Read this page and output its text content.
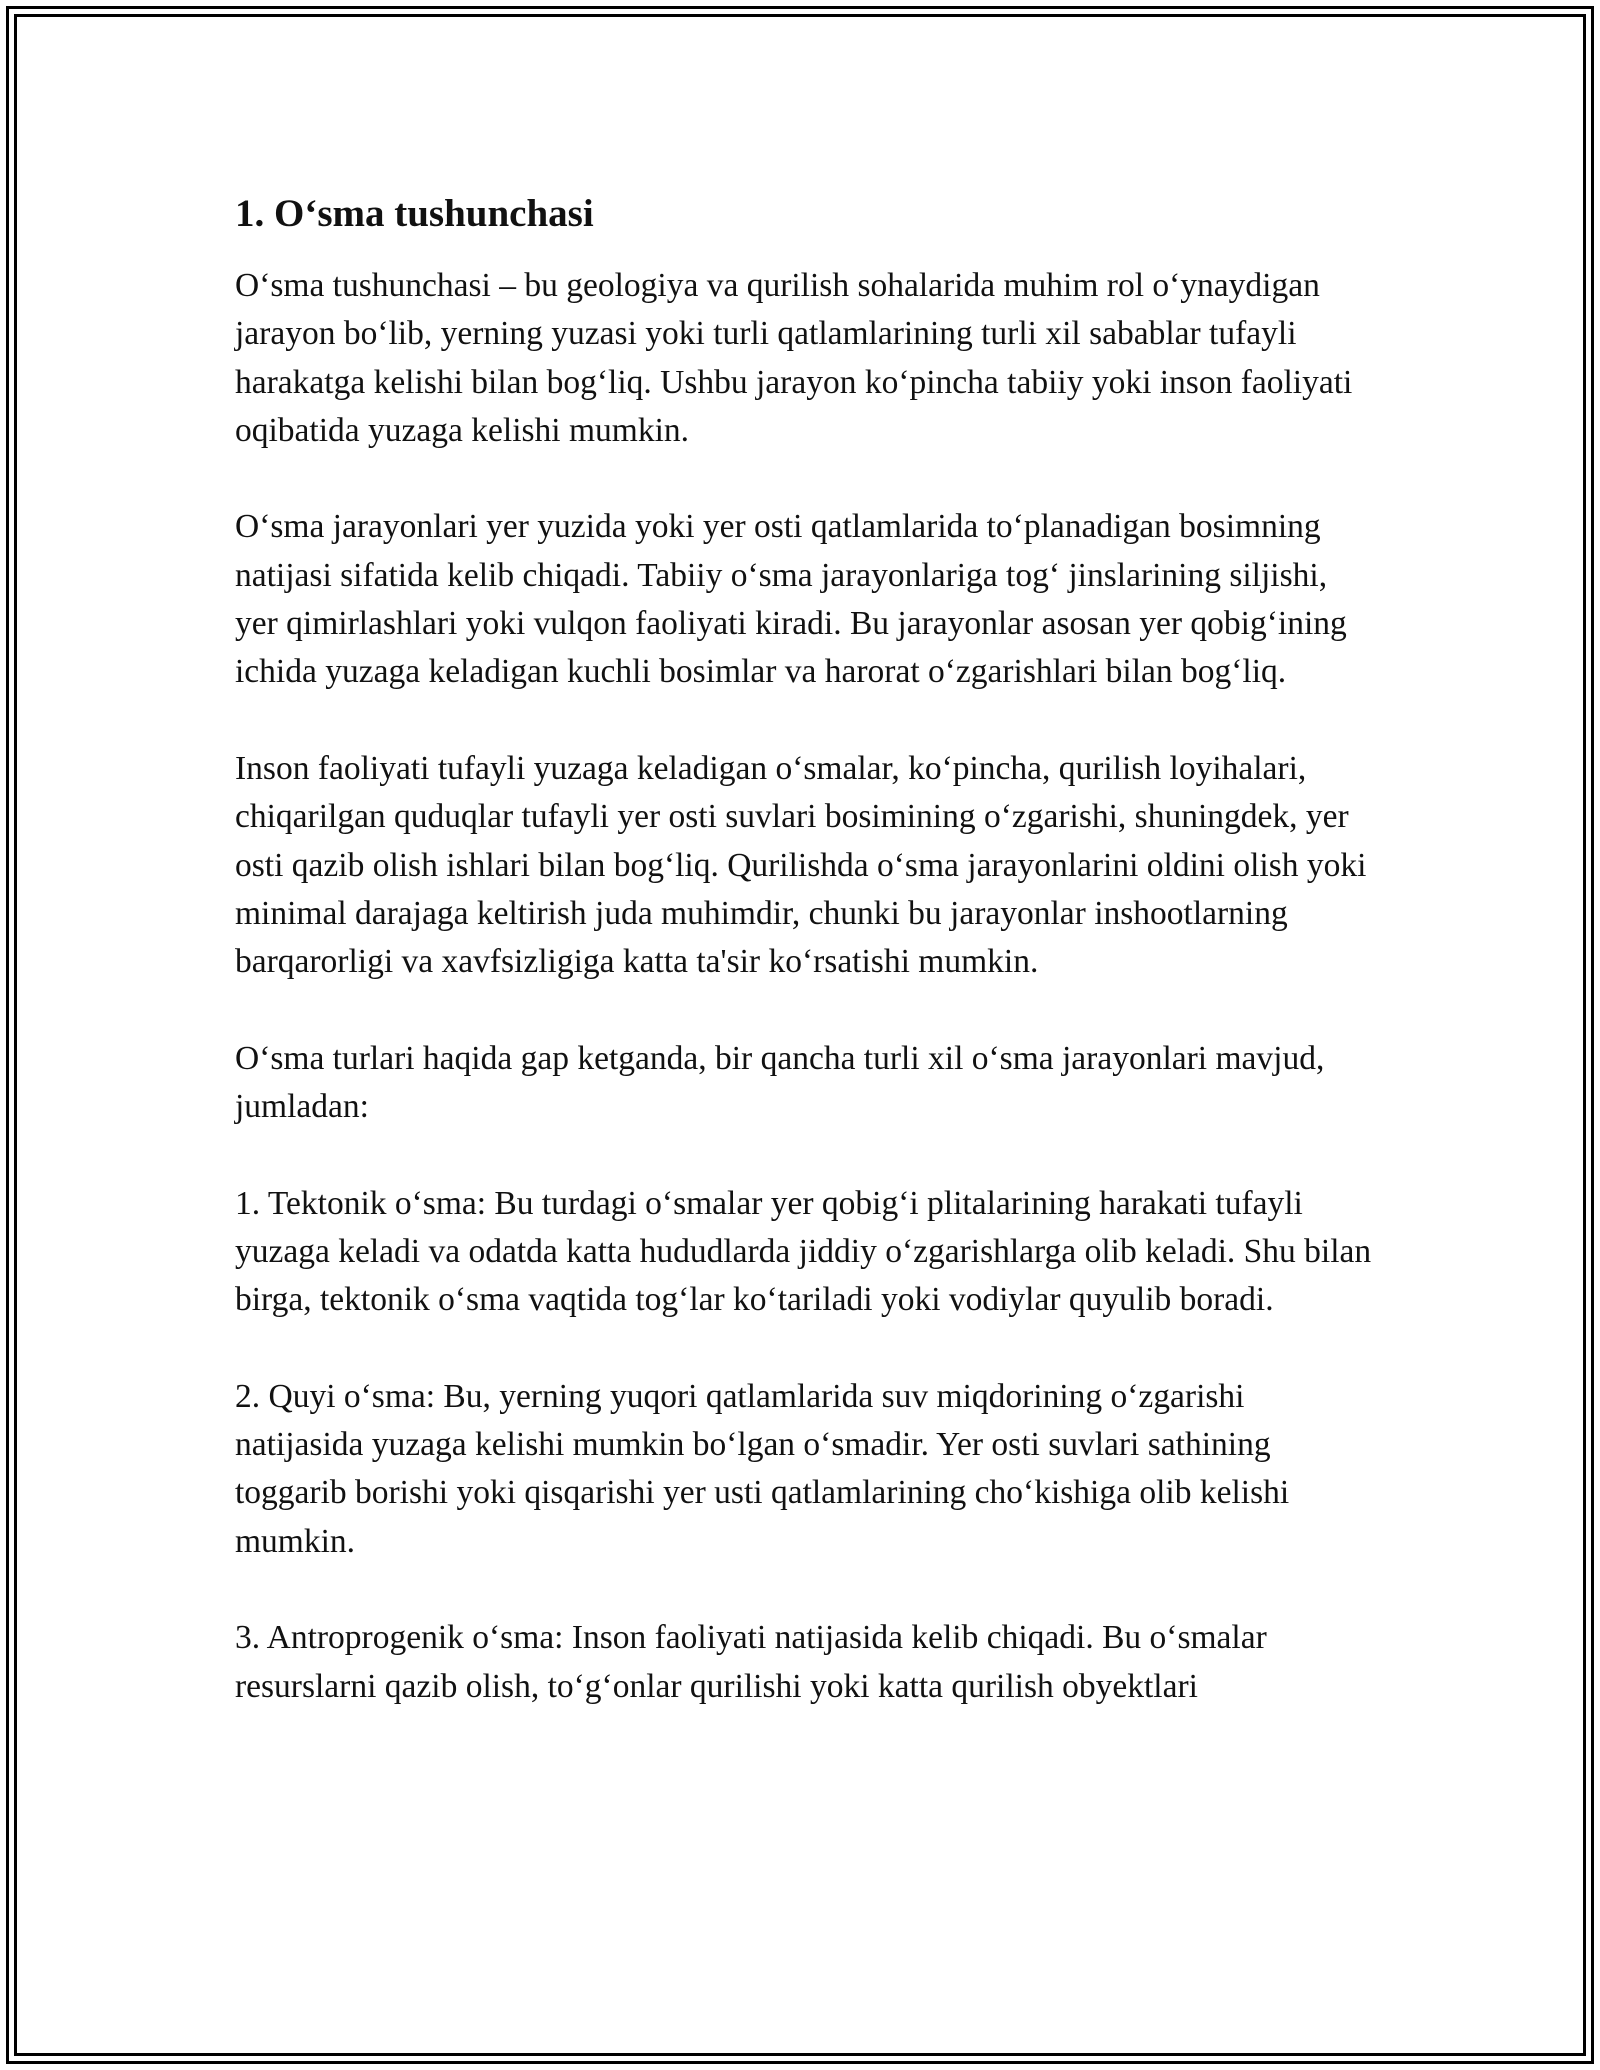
1. O‘sma tushunchasi

O‘sma tushunchasi – bu geologiya va qurilish sohalarida muhim rol o‘ynaydigan jarayon bo‘lib, yerning yuzasi yoki turli qatlamlarining turli xil sabablar tufayli harakatga kelishi bilan bog‘liq. Ushbu jarayon ko‘pincha tabiiy yoki inson faoliyati oqibatida yuzaga kelishi mumkin.

O‘sma jarayonlari yer yuzida yoki yer osti qatlamlarida to‘planadigan bosimning natijasi sifatida kelib chiqadi. Tabiiy o‘sma jarayonlariga tog‘ jinslarining siljishi, yer qimirlashlari yoki vulqon faoliyati kiradi. Bu jarayonlar asosan yer qobig‘ining ichida yuzaga keladigan kuchli bosimlar va harorat o‘zgarishlari bilan bog‘liq.

Inson faoliyati tufayli yuzaga keladigan o‘smalar, ko‘pincha, qurilish loyihalari, chiqarilgan quduqlar tufayli yer osti suvlari bosimining o‘zgarishi, shuningdek, yer osti qazib olish ishlari bilan bog‘liq. Qurilishda o‘sma jarayonlarini oldini olish yoki minimal darajaga keltirish juda muhimdir, chunki bu jarayonlar inshootlarning barqarorligi va xavfsizligiga katta ta'sir ko‘rsatishi mumkin.

O‘sma turlari haqida gap ketganda, bir qancha turli xil o‘sma jarayonlari mavjud, jumladan:

1. Tektonik o‘sma: Bu turdagi o‘smalar yer qobig‘i plitalarining harakati tufayli yuzaga keladi va odatda katta hududlarda jiddiy o‘zgarishlarga olib keladi. Shu bilan birga, tektonik o‘sma vaqtida tog‘lar ko‘tariladi yoki vodiylar quyulib boradi.

2. Quyi o‘sma: Bu, yerning yuqori qatlamlarida suv miqdorining o‘zgarishi natijasida yuzaga kelishi mumkin bo‘lgan o‘smadir. Yer osti suvlari sathining toggarib borishi yoki qisqarishi yer usti qatlamlarining cho‘kishiga olib kelishi mumkin.

3. Antroprogenik o‘sma: Inson faoliyati natijasida kelib chiqadi. Bu o‘smalar resurslarni qazib olish, to‘g‘onlar qurilishi yoki katta qurilish obyektlari
